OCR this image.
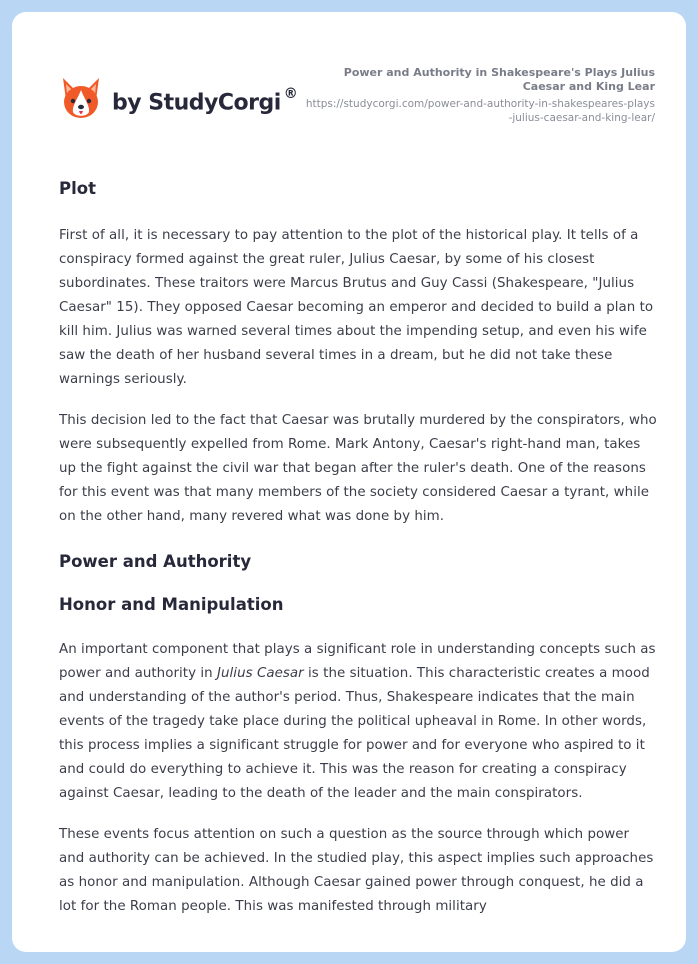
by StudyCorgi ®
Power and Authority in Shakespeare's Plays Julius Caesar and King Lear
https://studycorgi.com/power-and-authority-in-shakespeares-plays-julius-caesar-and-king-lear/
Plot

First of all, it is necessary to pay attention to the plot of the historical play. It tells of a conspiracy formed against the great ruler, Julius Caesar, by some of his closest subordinates. These traitors were Marcus Brutus and Guy Cassi (Shakespeare, "Julius Caesar" 15). They opposed Caesar becoming an emperor and decided to build a plan to kill him. Julius was warned several times about the impending setup, and even his wife saw the death of her husband several times in a dream, but he did not take these warnings seriously.

This decision led to the fact that Caesar was brutally murdered by the conspirators, who were subsequently expelled from Rome. Mark Antony, Caesar's right-hand man, takes up the fight against the civil war that began after the ruler's death. One of the reasons for this event was that many members of the society considered Caesar a tyrant, while on the other hand, many revered what was done by him.

Power and Authority
Honor and Manipulation

An important component that plays a significant role in understanding concepts such as power and authority in Julius Caesar is the situation. This characteristic creates a mood and understanding of the author's period. Thus, Shakespeare indicates that the main events of the tragedy take place during the political upheaval in Rome. In other words, this process implies a significant struggle for power and for everyone who aspired to it and could do everything to achieve it. This was the reason for creating a conspiracy against Caesar, leading to the death of the leader and the main conspirators.

These events focus attention on such a question as the source through which power and authority can be achieved. In the studied play, this aspect implies such approaches as honor and manipulation. Although Caesar gained power through conquest, he did a lot for the Roman people. This was manifested through military
